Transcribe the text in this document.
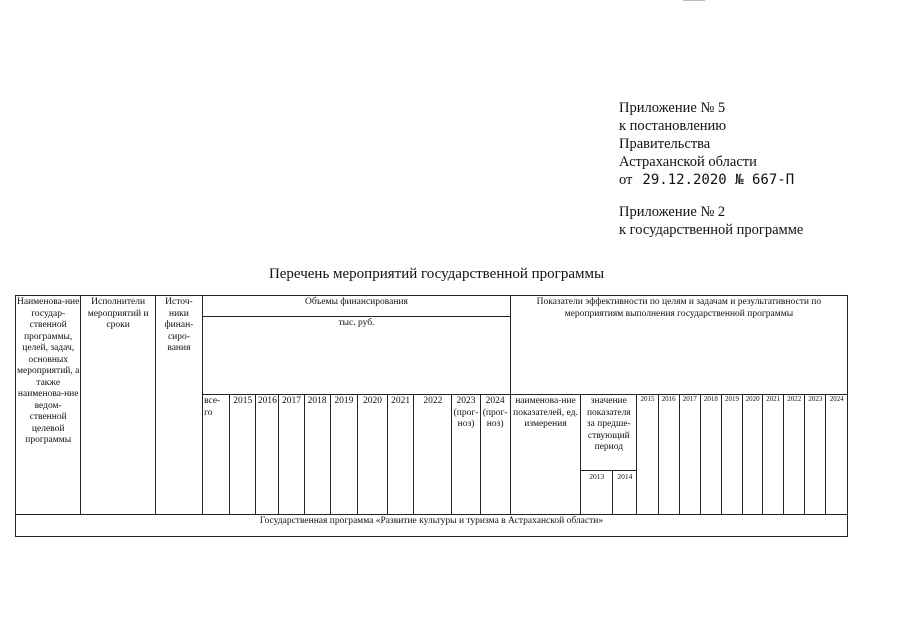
Приложение № 5
к постановлению
Правительства
Астраханской области
от 29.12.2020 № 667-П
Приложение № 2
к государственной программе
Перечень мероприятий государственной программы
Наименова-ние государ-ственной программы, целей, задач, основных мероприятий, а также наименова-ние ведом-ственной целевой программы	Исполнители мероприятий и сроки	Источ-ники финан-сиро-вания	Объемы финансирования											Показатели эффективности по целям и задачам и результативности по мероприятиям выполнения государственной программы												
			тыс. руб.																							
			все-го	2015	2016	2017	2018	2019	2020	2021	2022	2023 (прог-ноз)	2024 (прог-ноз)	наименова-ние показателей, ед. измерения	значение показателя за предше-ствующий период		2015	2016	2017	2018	2019	2020	2021	2022	2023	2024
															2013	2014										
Государственная программа «Развитие культуры и туризма в Астраханской области»																										
